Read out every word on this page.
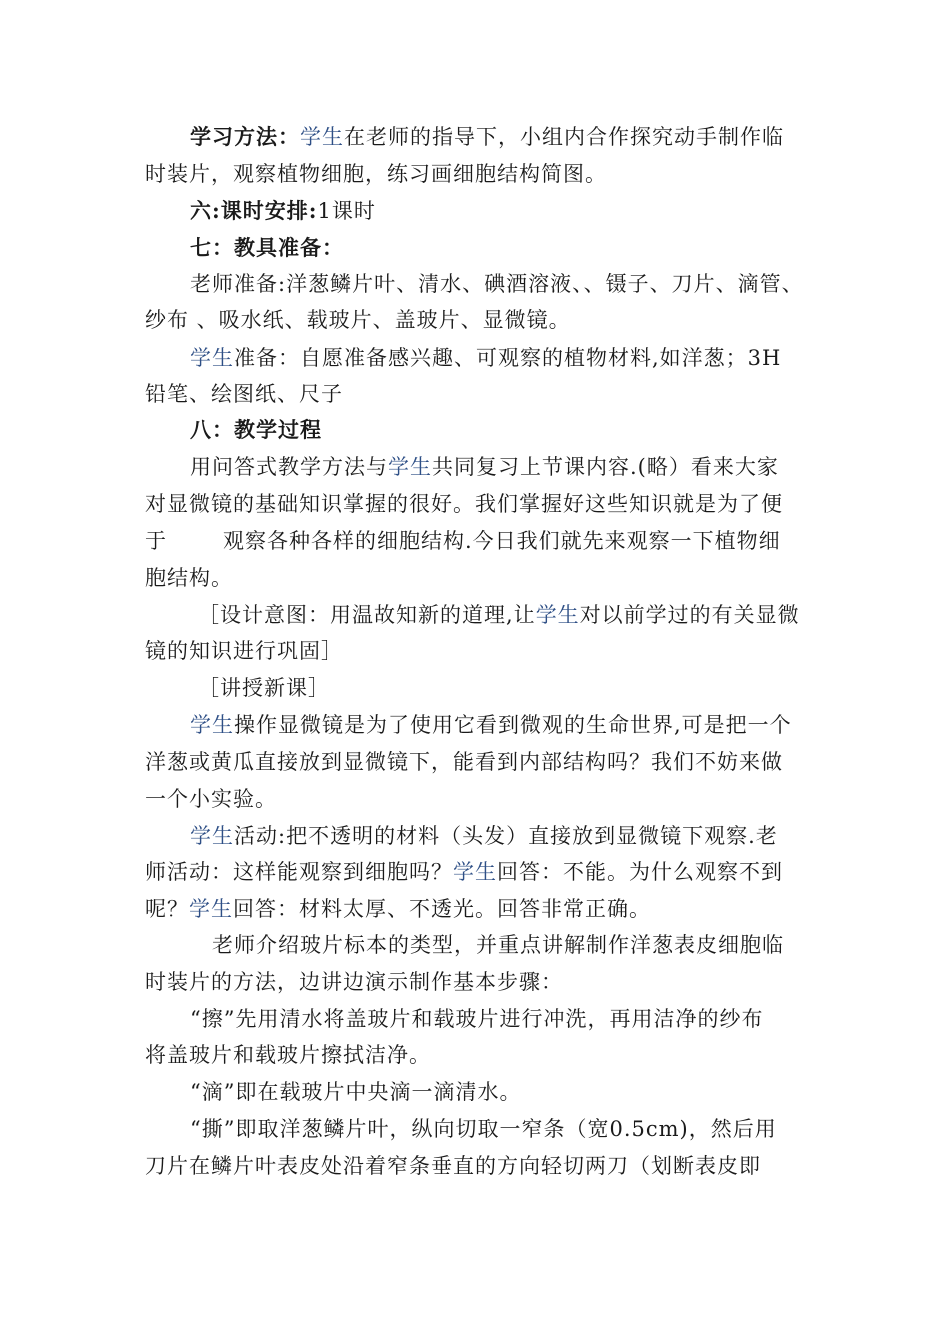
学习方法：学生在老师的指导下，小组内合作探究动手制作临
时装片，观察植物细胞，练习画细胞结构简图。
六:课时安排:1课时
七：教具准备：
老师准备:洋葱鳞片叶、清水、碘酒溶液、、镊子、刀片、滴管、
纱布 、吸水纸、载玻片、盖玻片、显微镜。
学生准备：自愿准备感兴趣、可观察的植物材料,如洋葱；3H
铅笔、绘图纸、尺子
八：教学过程
用问答式教学方法与学生共同复习上节课内容.(略）看来大家
对显微镜的基础知识掌握的很好。我们掌握好这些知识就是为了便
于	观察各种各样的细胞结构.今日我们就先来观察一下植物细
胞结构。
［设计意图：用温故知新的道理,让学生对以前学过的有关显微
镜的知识进行巩固］
［讲授新课］
学生操作显微镜是为了使用它看到微观的生命世界,可是把一个
洋葱或黄瓜直接放到显微镜下，能看到内部结构吗？我们不妨来做
一个小实验。
学生活动:把不透明的材料（头发）直接放到显微镜下观察.老
师活动：这样能观察到细胞吗？学生回答：不能。为什么观察不到
呢？学生回答：材料太厚、不透光。回答非常正确。
老师介绍玻片标本的类型，并重点讲解制作洋葱表皮细胞临
时装片的方法，边讲边演示制作基本步骤：
“擦”先用清水将盖玻片和载玻片进行冲洗，再用洁净的纱布
将盖玻片和载玻片擦拭洁净。
“滴”即在载玻片中央滴一滴清水。
“撕”即取洋葱鳞片叶，纵向切取一窄条（宽0.5cm)，然后用
刀片在鳞片叶表皮处沿着窄条垂直的方向轻切两刀（划断表皮即
